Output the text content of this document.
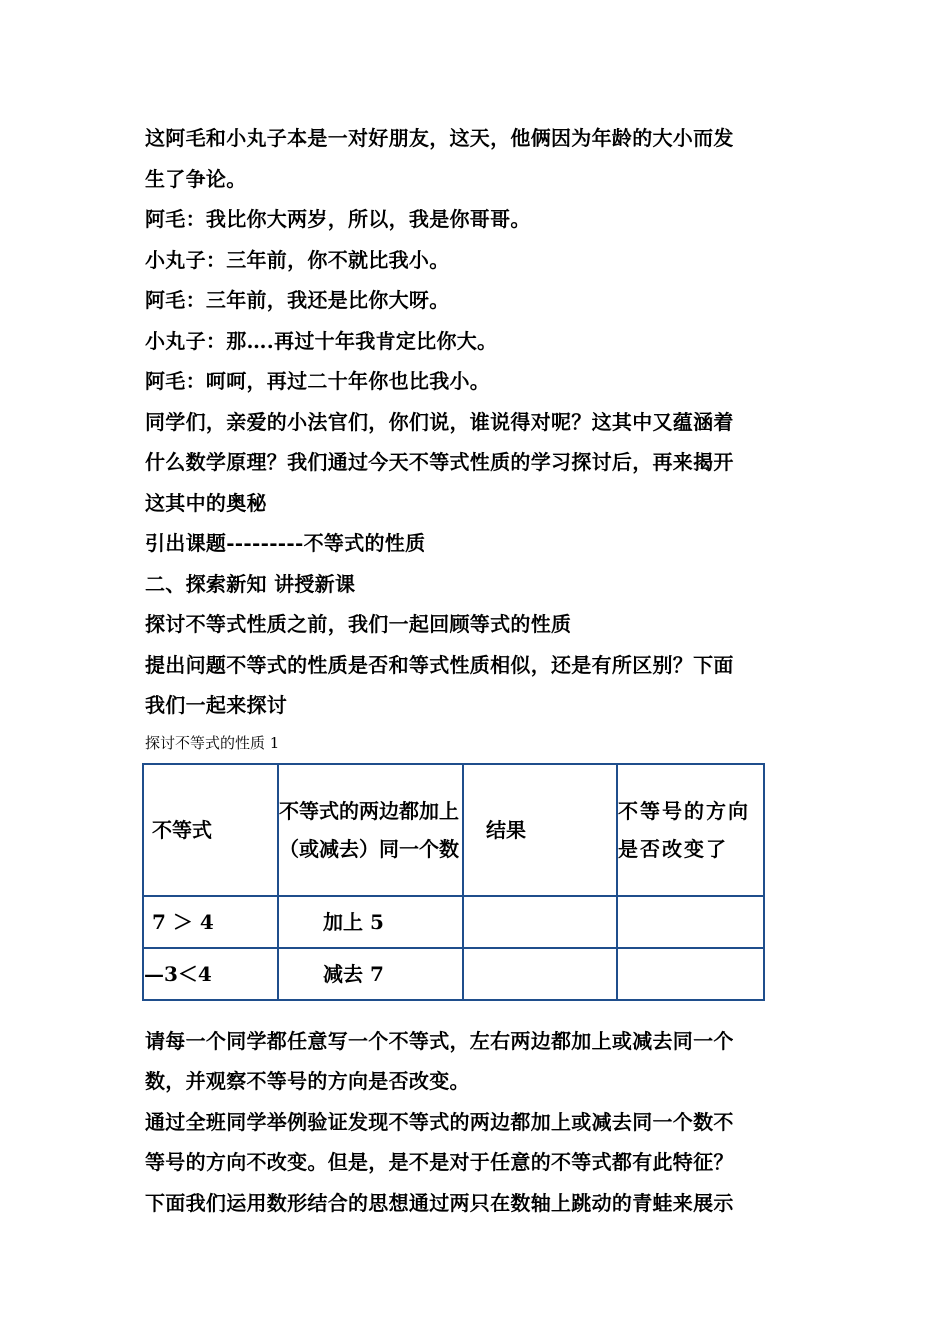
这阿毛和小丸子本是一对好朋友，这天，他俩因为年龄的大小而发

生了争论。

阿毛：我比你大两岁，所以，我是你哥哥。

小丸子：三年前，你不就比我小。

阿毛：三年前，我还是比你大呀。

小丸子：那….再过十年我肯定比你大。

阿毛：呵呵，再过二十年你也比我小。

同学们，亲爱的小法官们，你们说，谁说得对呢？这其中又蕴涵着

什么数学原理？我们通过今天不等式性质的学习探讨后，再来揭开

这其中的奥秘

引出课题---------不等式的性质

二、探索新知 讲授新课

探讨不等式性质之前，我们一起回顾等式的性质

提出问题不等式的性质是否和等式性质相似，还是有所区别？下面

我们一起来探讨

探讨不等式的性质 1

不等式	不等式的两边都加上（或减去）同一个数	结果	不等号的方向是否改变了
7 ＞ 4	加上 5		
—3＜4	减去 7		

请每一个同学都任意写一个不等式，左右两边都加上或减去同一个

数，并观察不等号的方向是否改变。

通过全班同学举例验证发现不等式的两边都加上或减去同一个数不

等号的方向不改变。但是，是不是对于任意的不等式都有此特征？

下面我们运用数形结合的思想通过两只在数轴上跳动的青蛙来展示
